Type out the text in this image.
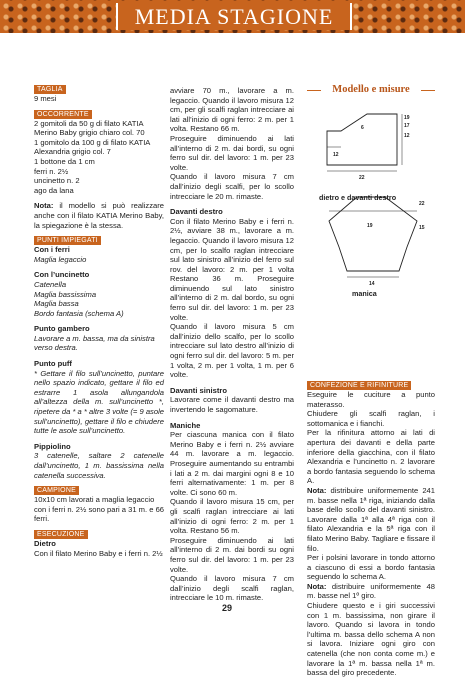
MEDIA STAGIONE
TAGLIA

9 mesi

OCCORRENTE

2 gomitoli da 50 g di filato KATIA Merino Baby grigio chiaro col. 70

1 gomitolo da 100 g di filato KATIA Alexandria grigio col. 7

1 bottone da 1 cm

ferri n. 2½

uncinetto n. 2

ago da lana

Nota: il modello si può realizzare anche con il filato KATIA Merino Baby, la spiegazione è la stessa.

PUNTI IMPIEGATI

Con i ferri

Maglia legaccio

Con l’uncinetto

Catenella

Maglia bassissima

Maglia bassa

Bordo fantasia (schema A)

Punto gambero

Lavorare a m. bassa, ma da sinistra verso destra.

Punto puff

* Gettare il filo sull’uncinetto, puntare nello spazio indicato, gettare il filo ed estrarre 1 asola allungandola all’altezza della m. sull’uncinetto *, ripetere da * a * altre 3 volte (= 9 asole sull’uncinetto), gettare il filo e chiudere tutte le asole sull’uncinetto.

Pippiolino

3 catenelle, saltare 2 catenelle dall’uncinetto, 1 m. bassissima nella catenella successiva.

CAMPIONE

10x10 cm lavorati a maglia legaccio con i ferri n. 2½ sono pari a 31 m. e 66 ferri.

ESECUZIONE

Dietro

Con il filato Merino Baby e i ferri n. 2½

avviare 70 m., lavorare a m. legaccio. Quando il lavoro misura 12 cm, per gli scalfi raglan intrecciare ai lati all’inizio di ogni ferro: 2 m. per 1 volta. Restano 66 m.

Proseguire diminuendo ai lati all’interno di 2 m. dai bordi, su ogni ferro sul dir. del lavoro: 1 m. per 23 volte.

Quando il lavoro misura 7 cm dall’inizio degli scalfi, per lo scollo intrecciare le 20 m. rimaste.

Davanti destro

Con il filato Merino Baby e i ferri n. 2½, avviare 38 m., lavorare a m. legaccio. Quando il lavoro misura 12 cm, per lo scalfo raglan intrecciare sul lato sinistro all’inizio del ferro sul rov. del lavoro: 2 m. per 1 volta Restano 36 m. Proseguire diminuendo sul lato sinistro all’interno di 2 m. dal bordo, su ogni ferro sul dir. del lavoro: 1 m. per 23 volte.

Quando il lavoro misura 5 cm dall’inizio dello scalfo, per lo scollo intrecciare sul lato destro all’inizio di ogni ferro sul dir. del lavoro: 5 m. per 1 volta, 2 m. per 1 volta, 1 m. per 6 volte.

Davanti sinistro

Lavorare come il davanti destro ma invertendo le sagomature.

Maniche

Per ciascuna manica con il filato Merino Baby e i ferri n. 2½ avviare 44 m. lavorare a m. legaccio. Proseguire aumentando su entrambi i lati a 2 m. dai margini ogni 8 e 10 ferri alternativamente: 1 m. per 8 volte. Ci sono 60 m.

Quando il lavoro misura 15 cm, per gli scalfi raglan intrecciare ai lati all’inizio di ogni ferro: 2 m. per 1 volta. Restano 56 m.

Proseguire diminuendo ai lati all’interno di 2 m. dai bordi su ogni ferro sul dir. del lavoro: 1 m. per 23 volte.

Quando il lavoro misura 7 cm dall’inizio degli scalfi raglan, intrecciare le 10 m. rimaste.

Modello e misure
6
19
17
12
12
22
22
19	15
14
dietro e davanti destro
manica
CONFEZIONE E RIFINITURE

Eseguire le cuciture a punto materasso.

Chiudere gli scalfi raglan, i sottomanica e i fianchi.

Per la rifinitura attorno ai lati di apertura dei davanti e della parte inferiore della giacchina, con il filato Alexandria e l’uncinetto n. 2 lavorare a bordo fantasia seguendo lo schema A.

Nota: distribuire uniformemente 241 m. basse nella 1ª riga, iniziando dalla base dello scollo del davanti sinistro. Lavorare dalla 1ª alla 4ª riga con il filato Alexandria e la 5ª riga con il filato Merino Baby. Tagliare e fissare il filo.

Per i polsini lavorare in tondo attorno a ciascuno di essi a bordo fantasia seguendo lo schema A.

Nota: distribuire uniformemente 48 m. basse nel 1º giro.

Chiudere questo e i giri successivi con 1 m. bassissima, non girare il lavoro. Quando si lavora in tondo l’ultima m. bassa dello schema A non si lavora. Iniziare ogni giro con catenella (che non conta come m.) e lavorare la 1ª m. bassa nella 1ª m. bassa del giro precedente.

29
